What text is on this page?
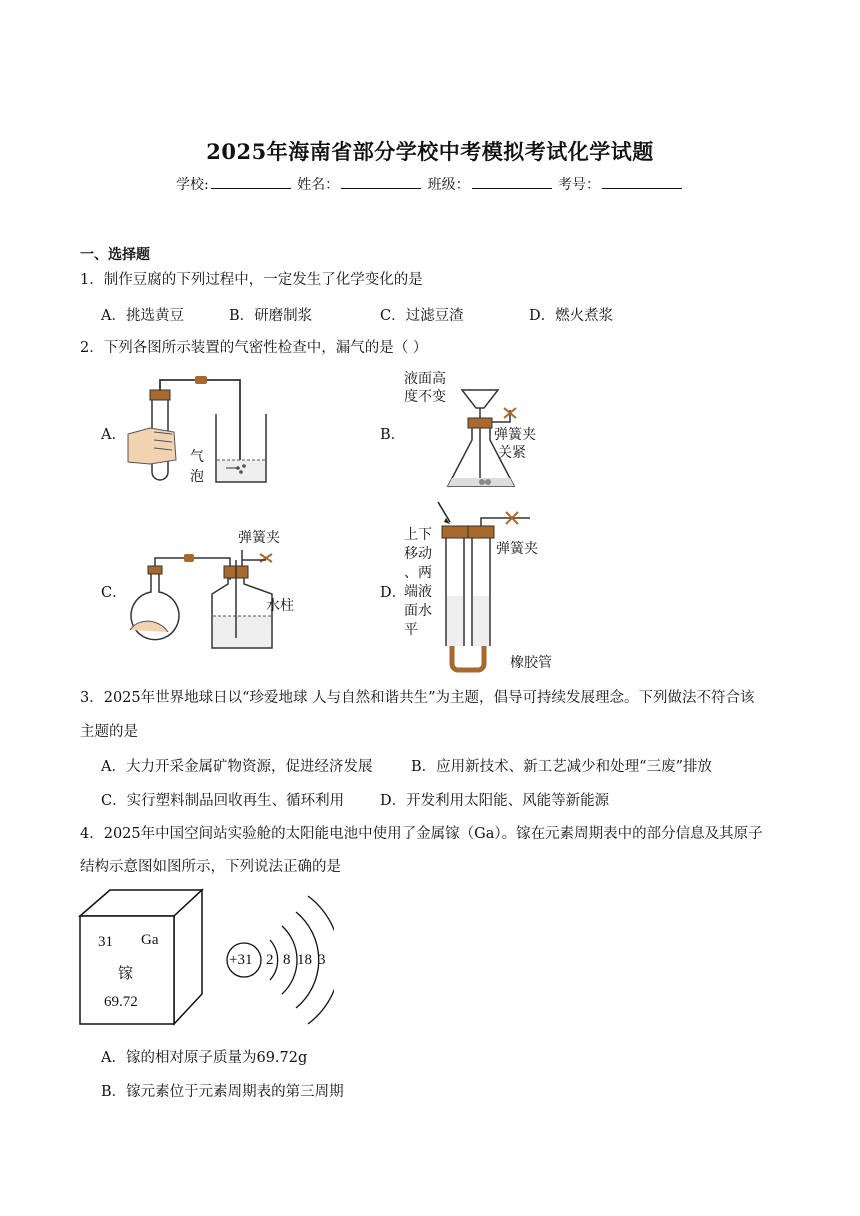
2025年海南省部分学校中考模拟考试化学试题
学校:	姓名：	班级：	考号：
一、选择题
1．制作豆腐的下列过程中，一定发生了化学变化的是
A．挑选黄豆	B．研磨制浆	C．过滤豆渣	D．燃火煮浆
2．下列各图所示装置的气密性检查中，漏气的是（ ）
A．	B．
C．	D．
气
泡
液面高
度不变
弹簧夹
关紧
弹簧夹
水柱
上下
移动
、两
端液
面水
平
弹簧夹
橡胶管
3．2025年世界地球日以“珍爱地球 人与自然和谐共生”为主题，倡导可持续发展理念。下列做法不符合该
主题的是
A．大力开采金属矿物资源，促进经济发展	B．应用新技术、新工艺减少和处理“三废”排放
C．实行塑料制品回收再生、循环利用 D．开发利用太阳能、风能等新能源
4．2025年中国空间站实验舱的太阳能电池中使用了金属镓（Ga）。镓在元素周期表中的部分信息及其原子
结构示意图如图所示，下列说法正确的是
31 Ga
镓
69.72
+31 2 8 18 3
A．镓的相对原子质量为69.72g
B．镓元素位于元素周期表的第三周期
